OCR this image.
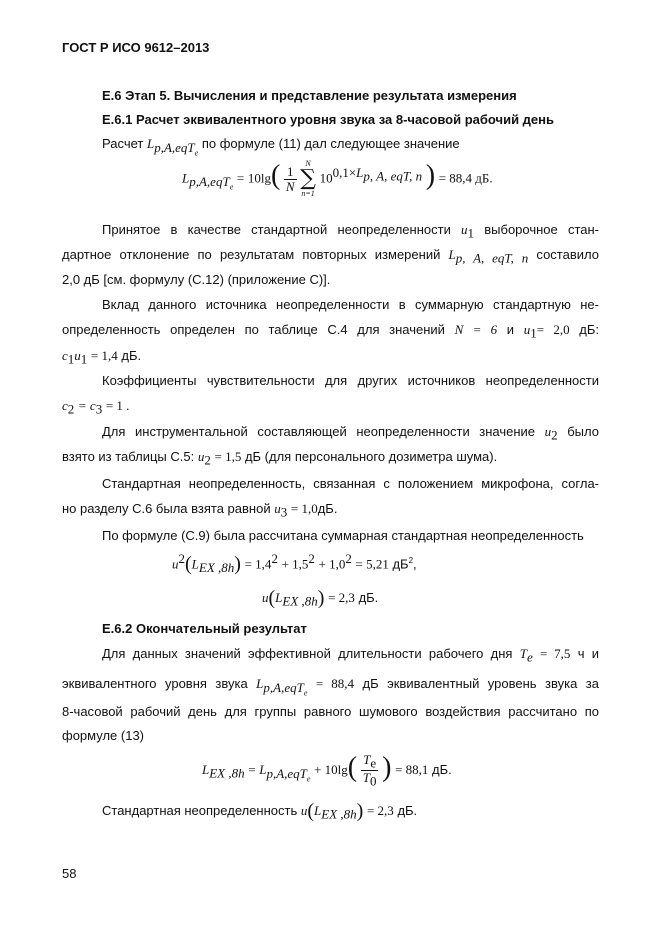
ГОСТ Р ИСО 9612–2013
E.6 Этап 5. Вычисления и представление результата измерения
E.6.1 Расчет эквивалентного уровня звука за 8-часовой рабочий день
Расчет $L_{p,A,eqT_e}$ по формуле (11) дал следующее значение
$L_{p,A,eqT_e} = 10\lg( \frac{1}{N}$

N
∑
n=1
$10^{0,1\times L_{p, A, eqT, n}}$ ) = 88,4 дБ.
Принятое в качестве стандартной неопределенности $u_1$ выборочное стан-
дартное отклонение по результатам повторных измерений $L_{p, A, eqT, n}$ составило
2,0 дБ [см. формулу (C.12) (приложение C)].
Вклад данного источника неопределенности в суммарную стандартную не-
определенность определен по таблице C.4 для значений N = 6 и $u_1= 2,0$ дБ:
$c_1u_1 = 1,4$ дБ.
Коэффициенты чувствительности для других источников неопределенности
$c_2 = c_3 = 1$ .
Для инструментальной составляющей неопределенности значение $u_2$ было
взято из таблицы C.5: $u_2 = 1,5$ дБ (для персонального дозиметра шума).
Стандартная неопределенность, связанная с положением микрофона, согла-
но разделу C.6 была взята равной $u_3 = 1,0дБ$.
По формуле (C.9) была рассчитана суммарная стандартная неопределенность
$u^2(L_{EX ,8h}) = 1,4^2 + 1,5^2 + 1,0^2 = 5,21$ $дБ^2$,
$u(L_{EX ,8h}) = 2,3$ дБ.
E.6.2 Окончательный результат
Для данных значений эффективной длительности рабочего дня $T_e = 7,5$ ч и
эквивалентного уровня звука $L_{p,A,eqT_e} = 88,4$ дБ эквивалентный уровень звука за
8-часовой рабочий день для группы равного шумового воздействия рассчитано по
формуле (13)
$L_{EX ,8h} = L_{p,A,eqT_e} + 10\lg( \frac{T_e}{T_0}$ ) = 88,1 дБ.
Стандартная неопределенность $u(L_{EX ,8h}) = 2,3$ дБ.
58
